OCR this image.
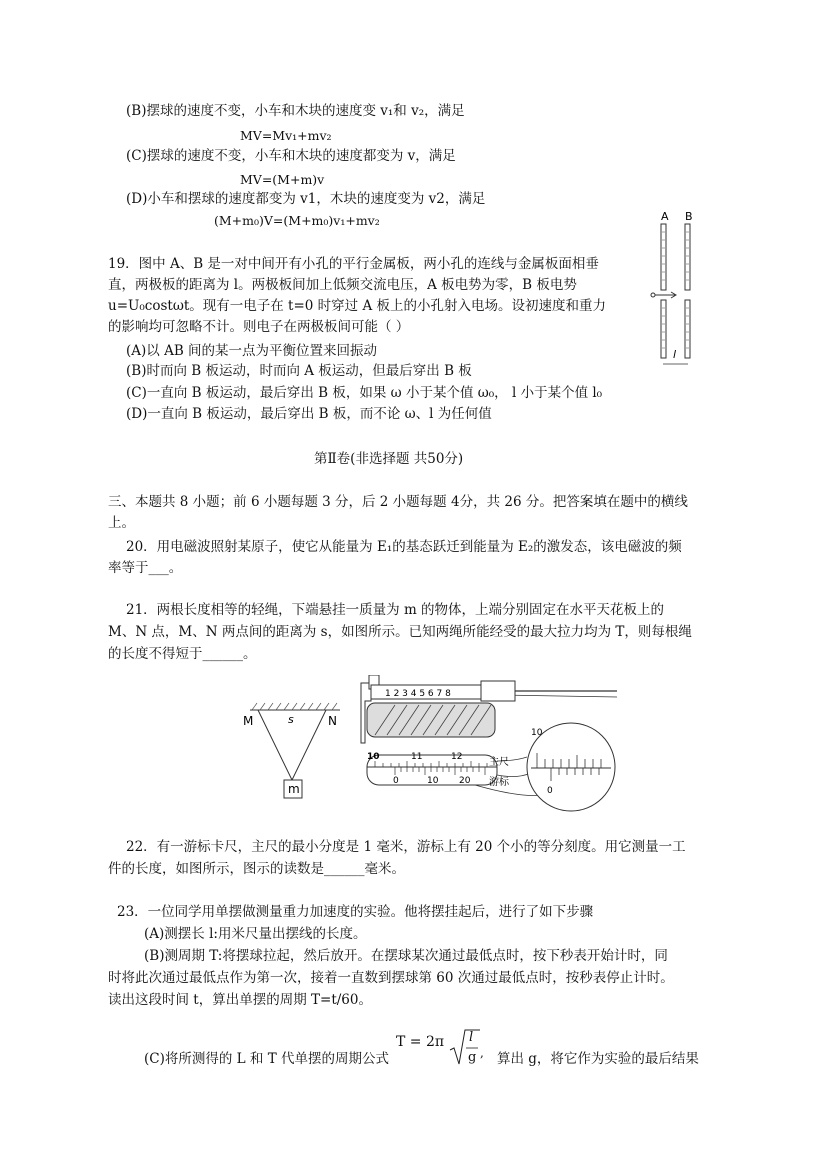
(B)摆球的速度不变，小车和木块的速度变 v₁和 v₂，满足
MV=Mv₁+mv₂
(C)摆球的速度不变，小车和木块的速度都变为 v，满足
MV=(M+m)v
(D)小车和摆球的速度都变为 v1，木块的速度变为 v2，满足
(M+m₀)V=(M+m₀)v₁+mv₂
19．图中 A、B 是一对中间开有小孔的平行金属板，两小孔的连线与金属板面相垂
直，两极板的距离为 l。两极板间加上低频交流电压，A 板电势为零，B 板电势
u=U₀costωt。现有一电子在 t=0 时穿过 A 板上的小孔射入电场。设初速度和重力
的影响均可忽略不计。则电子在两极板间可能（ ）
(A)以 AB 间的某一点为平衡位置来回振动
(B)时而向 B 板运动，时而向 A 板运动，但最后穿出 B 板
(C)一直向 B 板运动，最后穿出 B 板，如果 ω 小于某个值 ω₀， l 小于某个值 l₀
(D)一直向 B 板运动，最后穿出 B 板，而不论 ω、l 为任何值
A B
l
第Ⅱ卷(非选择题 共50分)
三、本题共 8 小题；前 6 小题每题 3 分，后 2 小题每题 4分，共 26 分。把答案填在题中的横线
上。
20．用电磁波照射某原子，使它从能量为 E₁的基态跃迁到能量为 E₂的激发态，该电磁波的频
率等于___。
21．两根长度相等的轻绳，下端悬挂一质量为 m 的物体，上端分别固定在水平天花板上的
M、N 点，M、N 两点间的距离为 s，如图所示。已知两绳所能经受的最大拉力均为 T，则每根绳
的长度不得短于______。
M	s	N
m
1 2 3 4 5 6 7 8
10	11	12
0	10 20
主尺
游标
10
0
22．有一游标卡尺，主尺的最小分度是 1 毫米，游标上有 20 个小的等分刻度。用它测量一工
件的长度，如图所示，图示的读数是______毫米。
23．一位同学用单摆做测量重力加速度的实验。他将摆挂起后，进行了如下步骤
(A)测摆长 l:用米尺量出摆线的长度。
(B)测周期 T:将摆球拉起，然后放开。在摆球某次通过最低点时，按下秒表开始计时，同
时将此次通过最低点作为第一次，接着一直数到摆球第 60 次通过最低点时，按秒表停止计时。
读出这段时间 t，算出单摆的周期 T=t/60。
(C)将所测得的 L 和 T 代单摆的周期公式
T = 2π l
g , 算出 g，将它作为实验的最后结果
